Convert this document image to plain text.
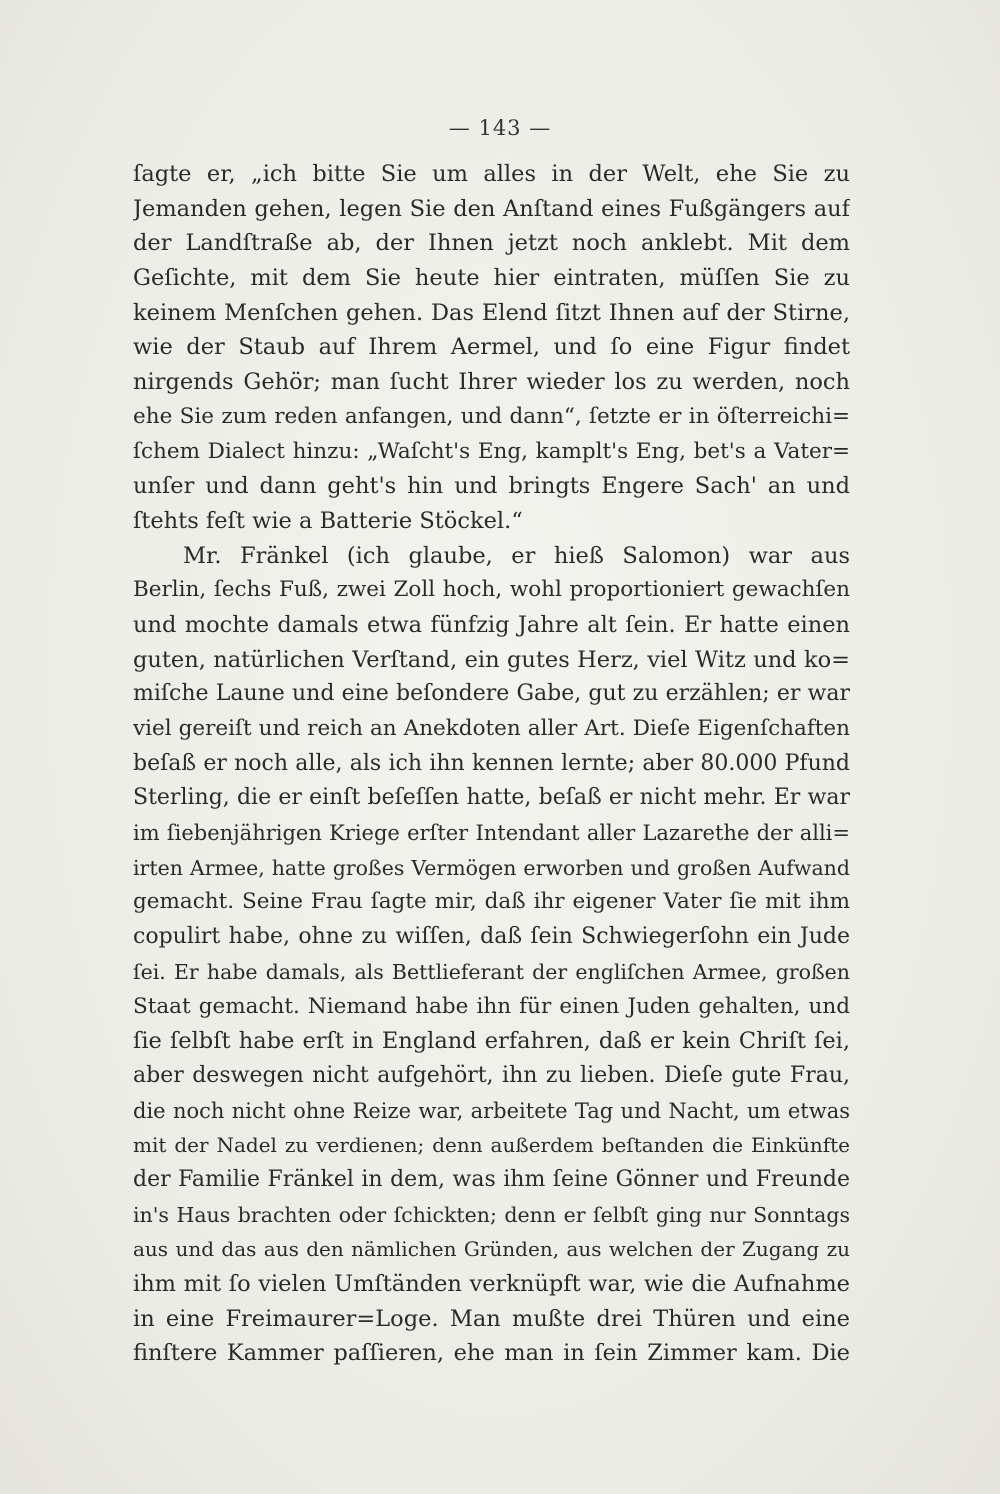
— 143 —
ſagte er, „ich bitte Sie um alles in der Welt, ehe Sie zu
Jemanden gehen, legen Sie den Anſtand eines Fußgängers auf
der Landſtraße ab, der Ihnen jetzt noch anklebt. Mit dem
Geſichte, mit dem Sie heute hier eintraten, müſſen Sie zu
keinem Menſchen gehen. Das Elend ſitzt Ihnen auf der Stirne,
wie der Staub auf Ihrem Aermel, und ſo eine Figur findet
nirgends Gehör; man ſucht Ihrer wieder los zu werden, noch
ehe Sie zum reden anfangen, und dann“, ſetzte er in öſterreichi=
ſchem Dialect hinzu: „Waſcht's Eng, kamplt's Eng, bet's a Vater=
unſer und dann geht's hin und bringts Engere Sach' an und
ſtehts feſt wie a Batterie Stöckel.“
Mr. Fränkel (ich glaube, er hieß Salomon) war aus
Berlin, ſechs Fuß, zwei Zoll hoch, wohl proportioniert gewachſen
und mochte damals etwa fünfzig Jahre alt ſein. Er hatte einen
guten, natürlichen Verſtand, ein gutes Herz, viel Witz und ko=
miſche Laune und eine beſondere Gabe, gut zu erzählen; er war
viel gereiſt und reich an Anekdoten aller Art. Dieſe Eigenſchaften
beſaß er noch alle, als ich ihn kennen lernte; aber 80.000 Pfund
Sterling, die er einſt beſeſſen hatte, beſaß er nicht mehr. Er war
im ſiebenjährigen Kriege erſter Intendant aller Lazarethe der alli=
irten Armee, hatte großes Vermögen erworben und großen Aufwand
gemacht. Seine Frau ſagte mir, daß ihr eigener Vater ſie mit ihm
copulirt habe, ohne zu wiſſen, daß ſein Schwiegerſohn ein Jude
ſei. Er habe damals, als Bettlieferant der engliſchen Armee, großen
Staat gemacht. Niemand habe ihn für einen Juden gehalten, und
ſie ſelbſt habe erſt in England erfahren, daß er kein Chriſt ſei,
aber deswegen nicht aufgehört, ihn zu lieben. Dieſe gute Frau,
die noch nicht ohne Reize war, arbeitete Tag und Nacht, um etwas
mit der Nadel zu verdienen; denn außerdem beſtanden die Einkünfte
der Familie Fränkel in dem, was ihm ſeine Gönner und Freunde
in's Haus brachten oder ſchickten; denn er ſelbſt ging nur Sonntags
aus und das aus den nämlichen Gründen, aus welchen der Zugang zu
ihm mit ſo vielen Umſtänden verknüpft war, wie die Aufnahme
in eine Freimaurer=Loge. Man mußte drei Thüren und eine
finſtere Kammer paſſieren, ehe man in ſein Zimmer kam. Die
